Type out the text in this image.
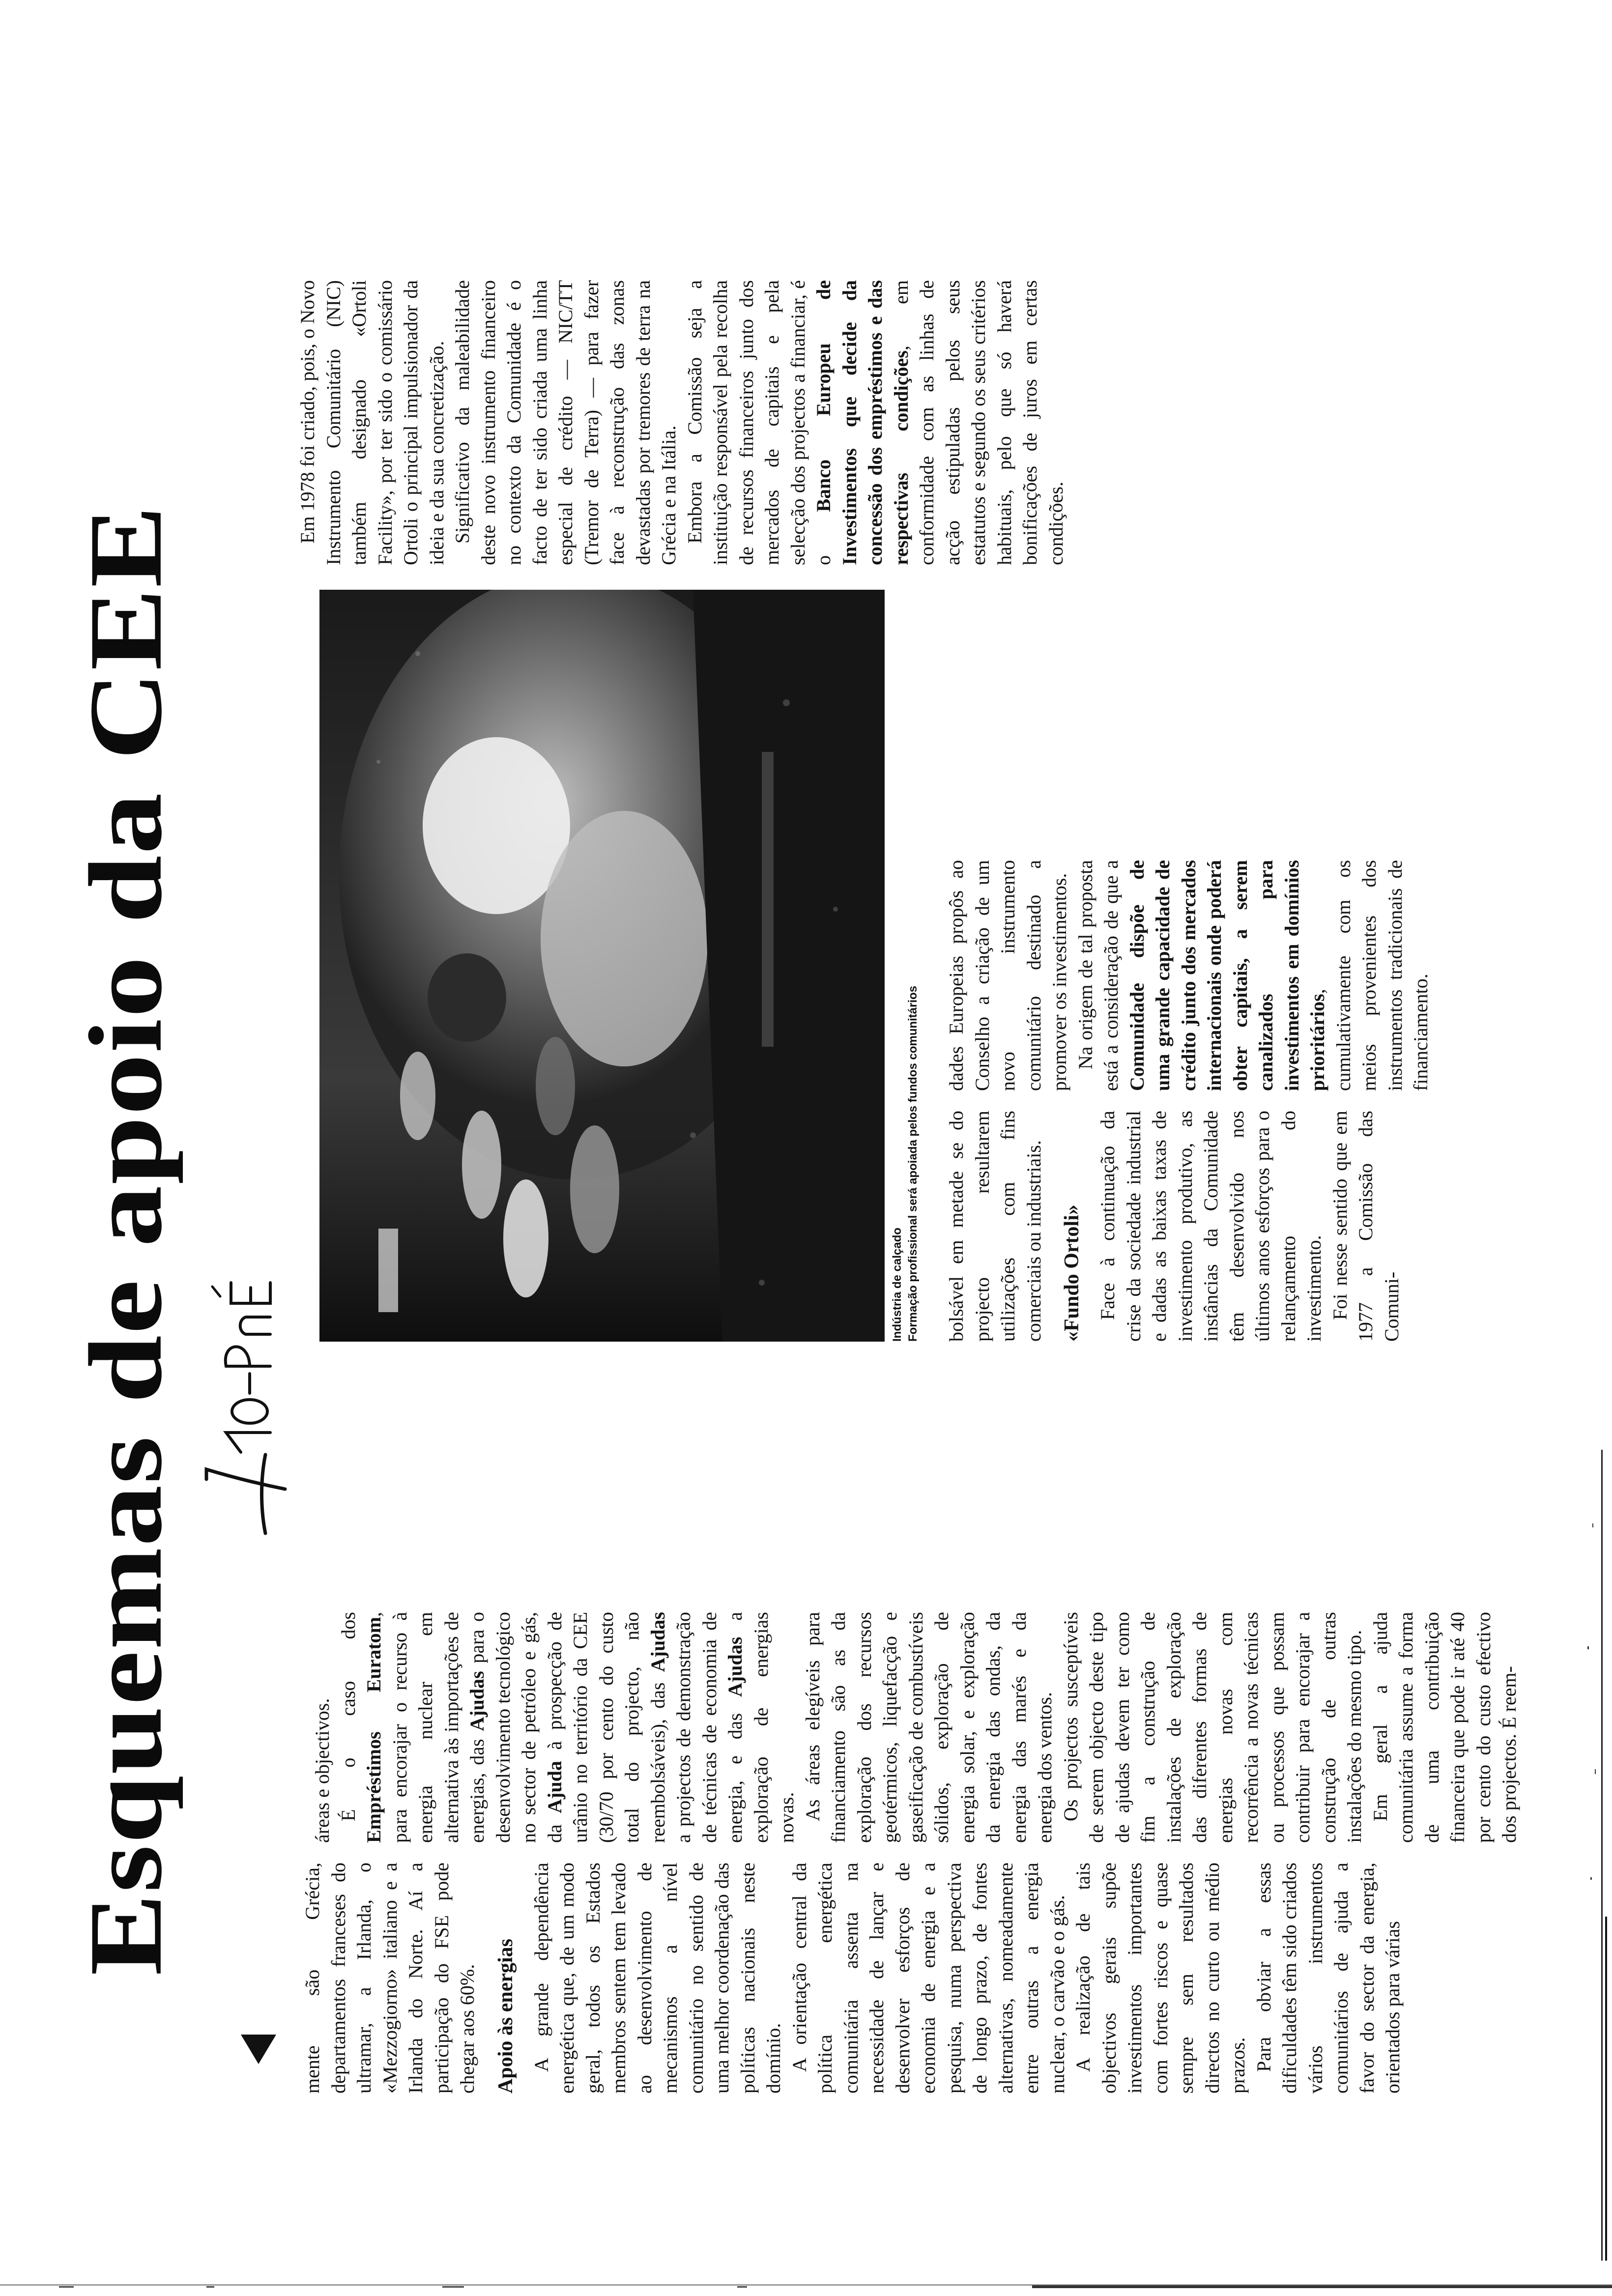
Esquemas de apoio da CEE

mente são Grécia, departamentos franceses do ultramar, a Irlanda, o «Mezzogiorno» italiano e a Irlanda do Norte. Aí a participação do FSE pode chegar aos 60%. Apoio às energias A grande dependência energética que, de um modo geral, todos os Estados membros sentem tem levado ao desenvolvimento de mecanismos a nível comunitário no sentido de uma melhor coordenação das políticas nacionais neste domínio. A orientação central da política energética comunitária assenta na necessidade de lançar e desenvolver esforços de economia de energia e a pesquisa, numa perspectiva de longo prazo, de fontes alternativas, nomeadamente entre outras a energia nuclear, o carvão e o gás. A realização de tais objectivos gerais supõe investimentos importantes com fortes riscos e quase sempre sem resultados directos no curto ou médio prazos. Para obviar a essas dificuldades têm sido criados vários instrumentos comunitários de ajuda a favor do sector da energia, orientados para várias

áreas e objectivos. É o caso dos Empréstimos Euratom, para encorajar o recurso à energia nuclear em alternativa às importações de energias, das Ajudas para o desenvolvimento tecnológico no sector de petróleo e gás, da Ajuda à prospecção de urânio no território da CEE (30/70 por cento do custo total do projecto, não reembolsáveis), das Ajudas a projectos de demonstração de técnicas de economia de energia, e das Ajudas a exploração de energias novas. As áreas elegíveis para financiamento são as da exploração dos recursos geotérmicos, liquefacção e gaseificação de combustíveis sólidos, exploração de energia solar, e exploração da energia das ondas, da energia das marés e da energia dos ventos. Os projectos susceptíveis de serem objecto deste tipo de ajudas devem ter como fim a construção de instalações de exploração das diferentes formas de energias novas com recorrência a novas técnicas ou processos que possam contribuir para encorajar a construção de outras instalações do mesmo tipo. Em geral a ajuda comunitária assume a forma de uma contribuição financeira que pode ir até 40 por cento do custo efectivo dos projectos. É reem-

Indústria de calçado Formação profissional será apoiada pelos fundos comunitários bolsável em metade se do projecto resultarem utilizações com fins comerciais ou industriais. «Fundo Ortoli» Face à continuação da crise da sociedade industrial e dadas as baixas taxas de investimento produtivo, as instâncias da Comunidade têm desenvolvido nos últimos anos esforços para o relançamento do investimento. Foi nesse sentido que em 1977 a Comissão das Comuni-

dades Europeias propôs ao Conselho a criação de um novo instrumento comunitário destinado a promover os investimentos. Na origem de tal proposta está a consideração de que a Comunidade dispõe de uma grande capacidade de crédito junto dos mercados internacionais onde poderá obter capitais, a serem canalizados para investimentos em domínios prioritários, cumulativamente com os meios provenientes dos instrumentos tradicionais de financiamento.

Em 1978 foi criado, pois, o Novo Instrumento Comunitário (NIC) também designado «Ortoli Facility», por ter sido o comissário Ortoli o principal impulsionador da ideia e da sua concretização. Significativo da maleabilidade deste novo instrumento financeiro no contexto da Comunidade é o facto de ter sido criada uma linha especial de crédito — NIC/TT (Tremor de Terra) — para fazer face à reconstrução das zonas devastadas por tremores de terra na Grécia e na Itália. Embora a Comissão seja a instituição responsável pela recolha de recursos financeiros junto dos mercados de capitais e pela selecção dos projectos a financiar, é o Banco Europeu de Investimentos que decide da concessão dos empréstimos e das respectivas condições, em conformidade com as linhas de acção estipuladas pelos seus estatutos e segundo os seus critérios habituais, pelo que só haverá bonificações de juros em certas condições.
